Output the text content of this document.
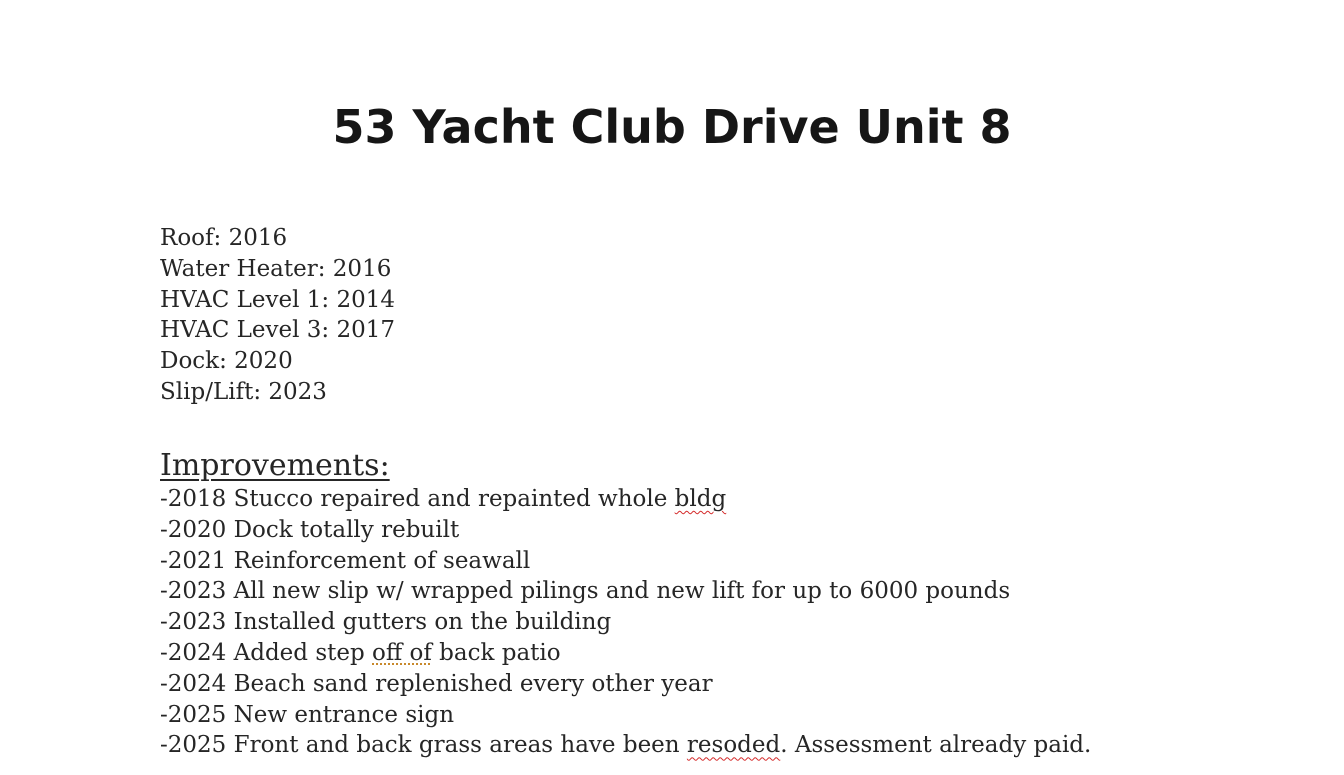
53 Yacht Club Drive Unit 8
Roof: 2016
Water Heater: 2016
HVAC Level 1: 2014
HVAC Level 3: 2017
Dock: 2020
Slip/Lift: 2023
Improvements:
-2018 Stucco repaired and repainted whole bldg
-2020 Dock totally rebuilt
-2021 Reinforcement of seawall
-2023 All new slip w/ wrapped pilings and new lift for up to 6000 pounds
-2023 Installed gutters on the building
-2024 Added step off of back patio
-2024 Beach sand replenished every other year
-2025 New entrance sign
-2025 Front and back grass areas have been resoded. Assessment already paid.
